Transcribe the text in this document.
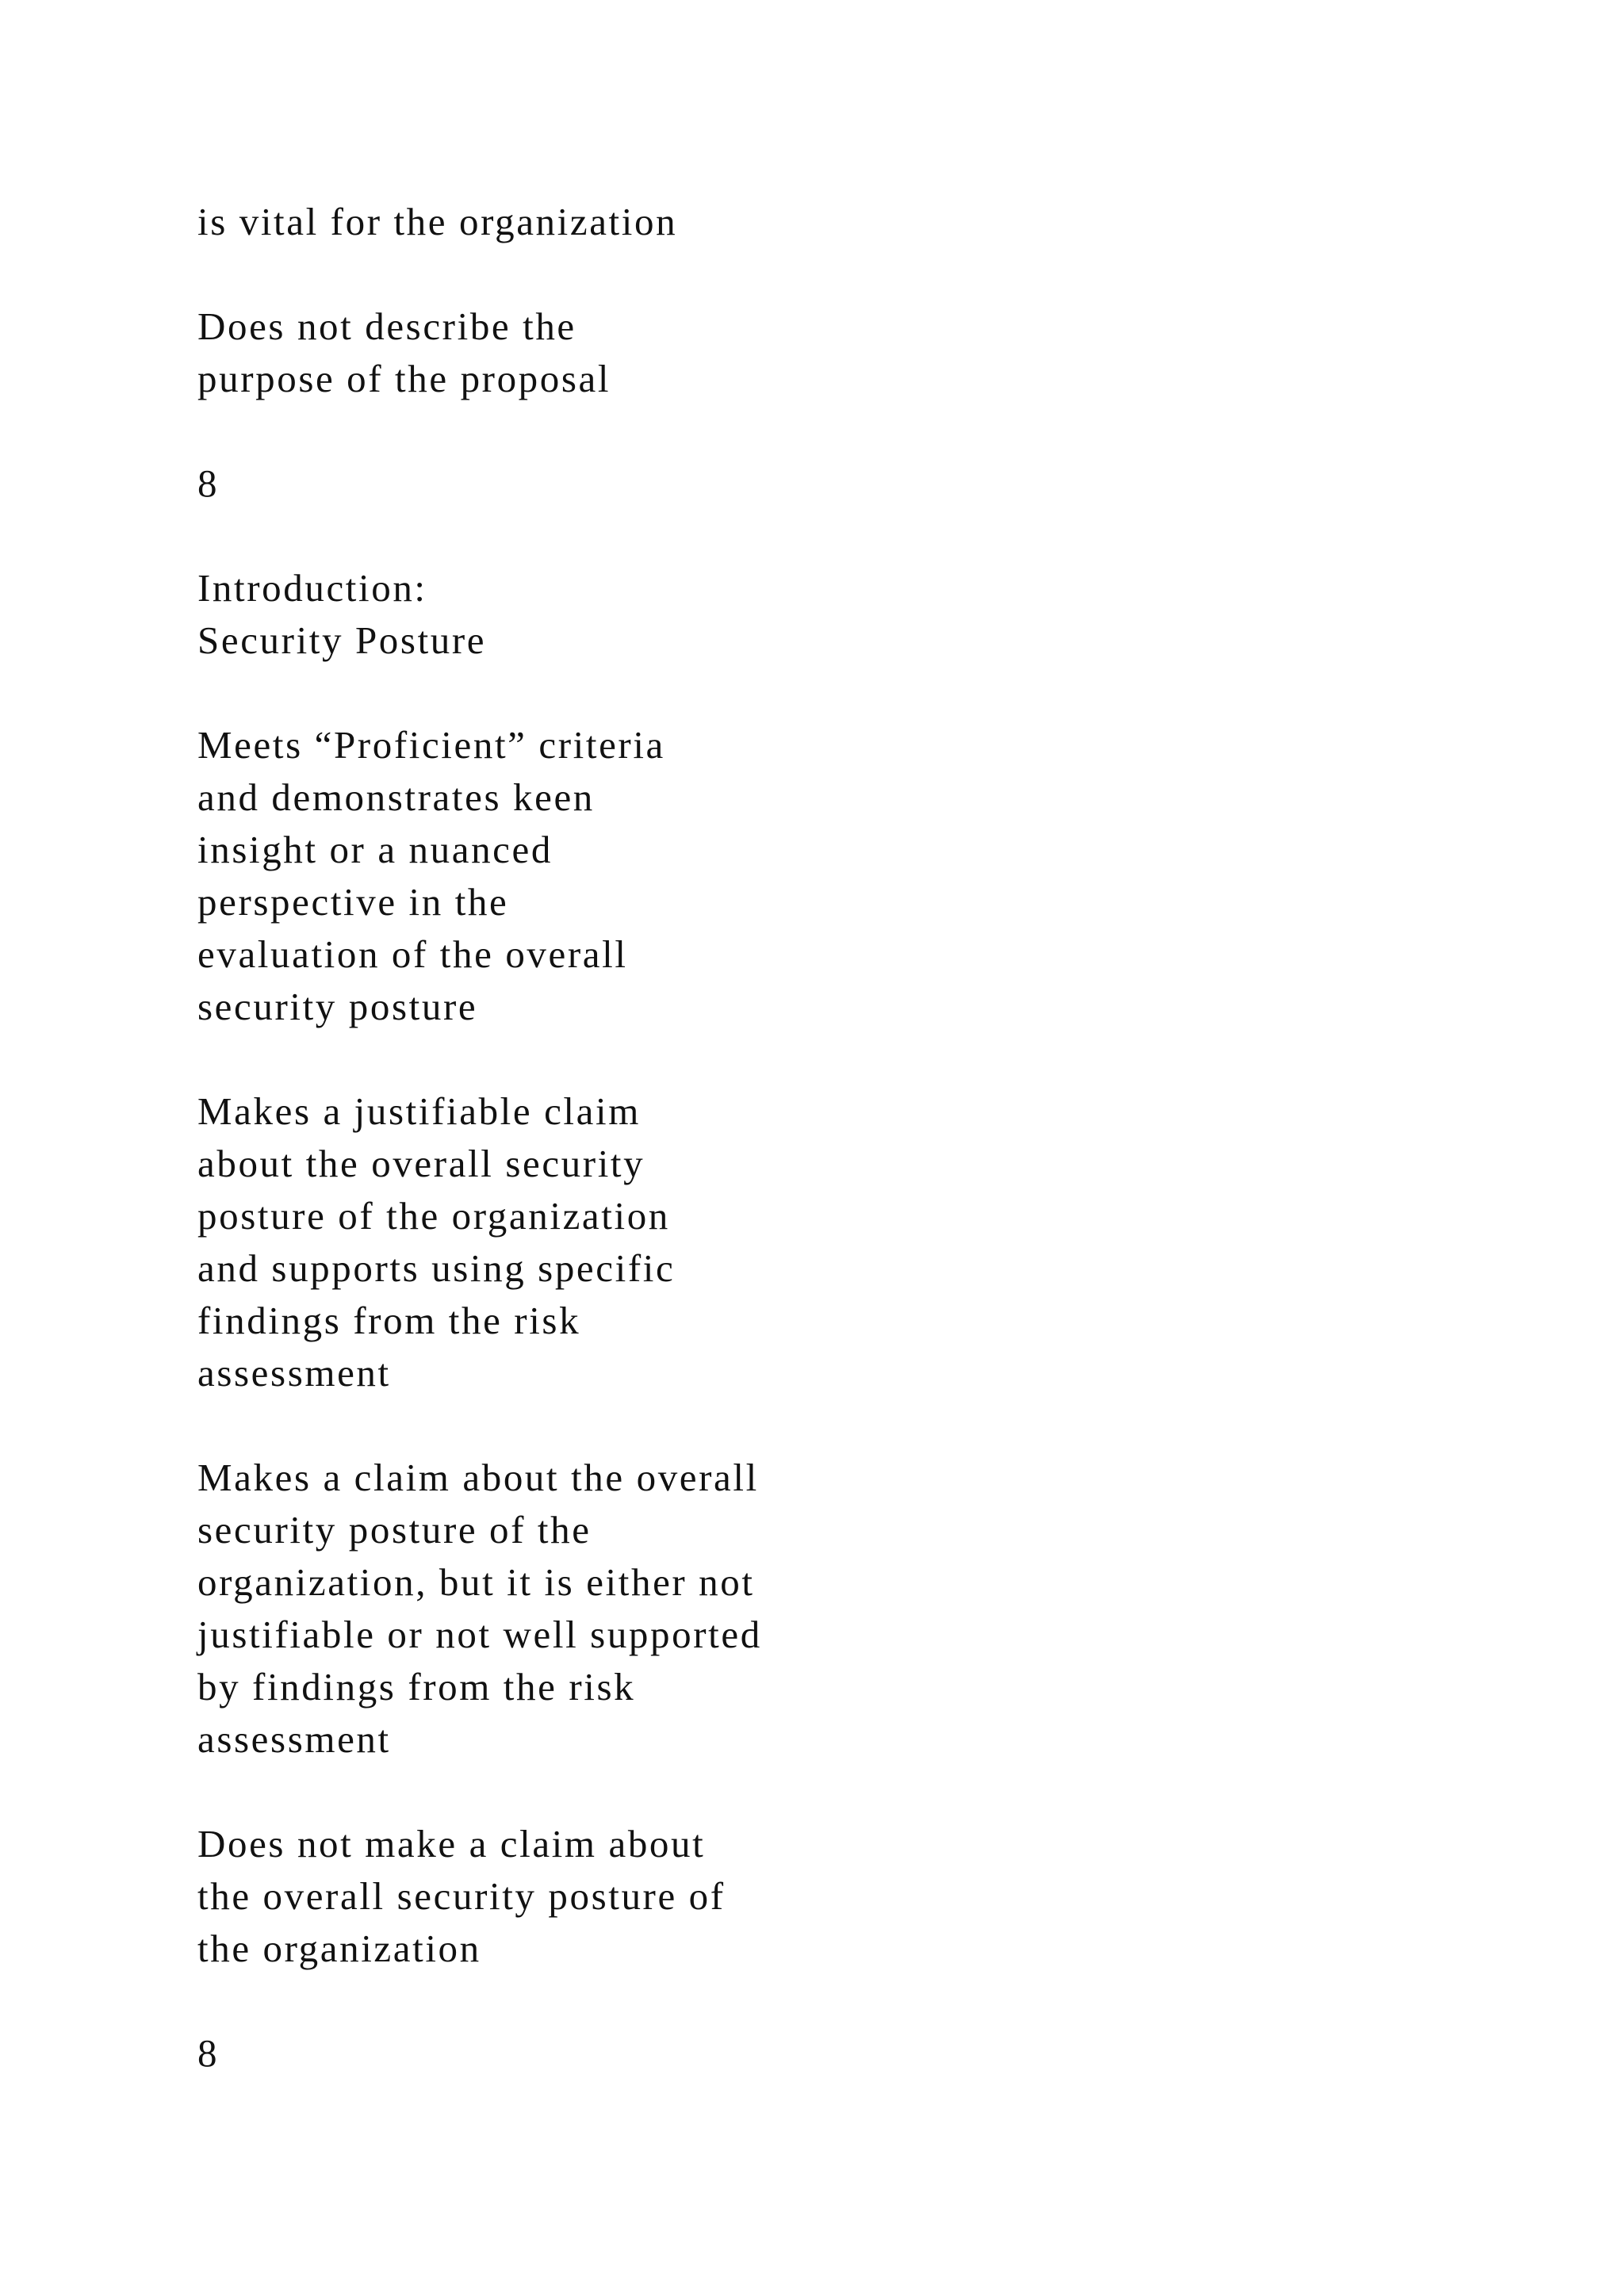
is vital for the organization

Does not describe the
purpose of the proposal

8

Introduction:
Security Posture

Meets “Proficient” criteria
and demonstrates keen
insight or a nuanced
perspective in the
evaluation of the overall
security posture

Makes a justifiable claim
about the overall security
posture of the organization
and supports using specific
findings from the risk
assessment

Makes a claim about the overall
security posture of the
organization, but it is either not
justifiable or not well supported
by findings from the risk
assessment

Does not make a claim about
the overall security posture of
the organization

8
